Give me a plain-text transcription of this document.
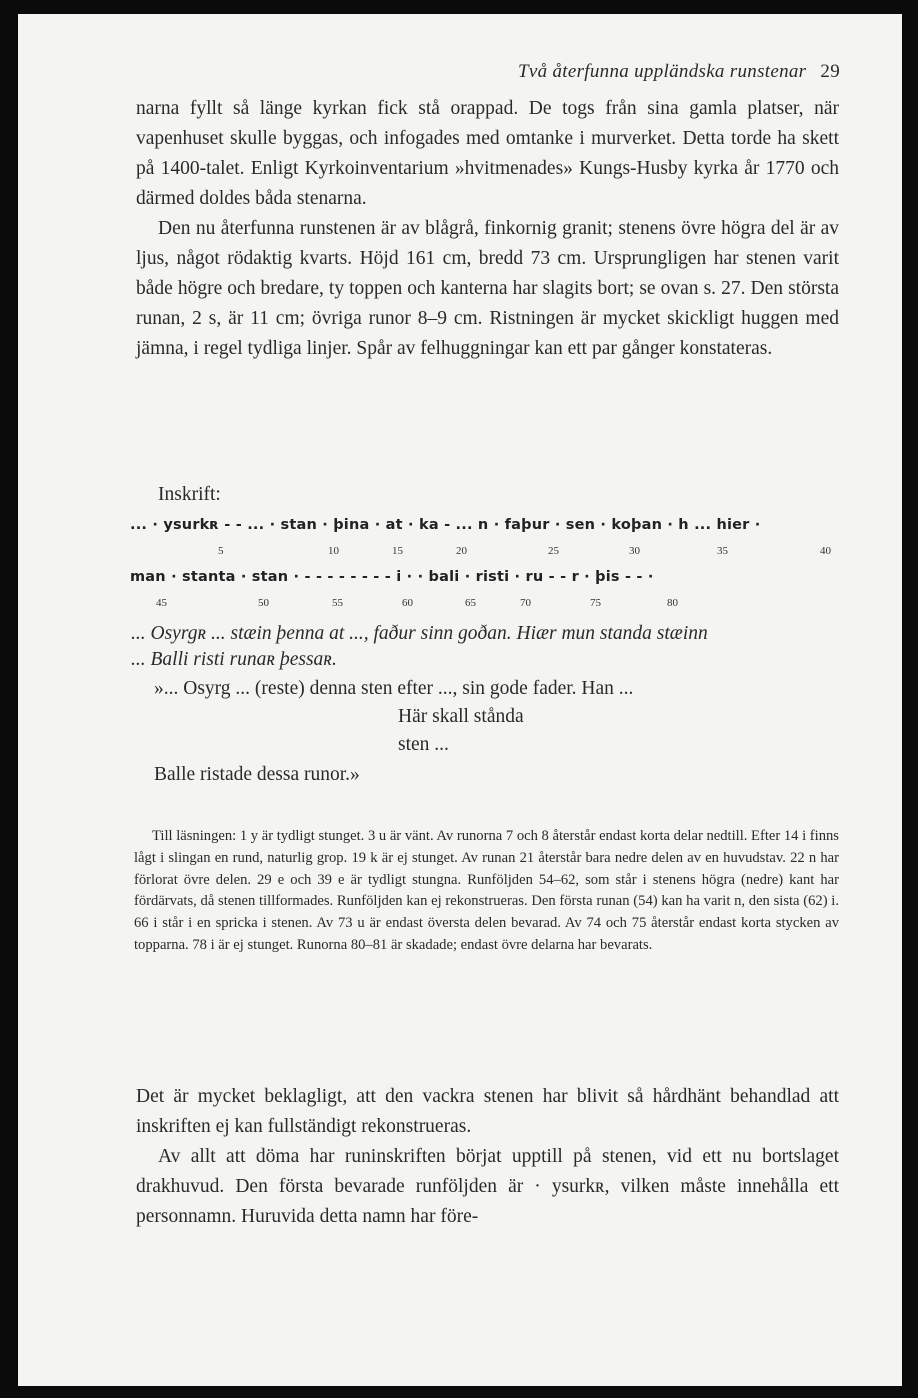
Två återfunna uppländska runstenar 29

narna fyllt så länge kyrkan fick stå orappad. De togs från sina gamla platser, när vapenhuset skulle byggas, och infogades med omtanke i murverket. Detta torde ha skett på 1400-talet. Enligt Kyrkoinventarium »hvitmenades» Kungs-Husby kyrka år 1770 och därmed doldes båda stenarna.

Den nu återfunna runstenen är av blågrå, finkornig granit; stenens övre högra del är av ljus, något rödaktig kvarts. Höjd 161 cm, bredd 73 cm. Ursprungligen har stenen varit både högre och bredare, ty toppen och kanterna har slagits bort; se ovan s. 27. Den största runan, 2 s, är 11 cm; övriga runor 8–9 cm. Ristningen är mycket skickligt huggen med jämna, i regel tydliga linjer. Spår av felhuggningar kan ett par gånger konstateras.

Inskrift:
... · ysurkʀ - - ... · stan · þina · at · ka - ... n · faþur · sen · koþan · h ... hier ·
5	10	15	20	25	30	35	40
man · stanta · stan · - - - - - - - - i · · bali · risti · ru - - r · þis - - ·
45	50	55	60	65	70	75	80
... Osyrgʀ ... stæin þenna at ..., faður sinn goðan. Hiær mun standa stæinn
... Balli risti runaʀ þessaʀ.
»... Osyrg ... (reste) denna sten efter ..., sin gode fader. Han ...
Här skall stånda
sten ...
Balle ristade dessa runor.»

Till läsningen: 1 y är tydligt stunget. 3 u är vänt. Av runorna 7 och 8 återstår endast korta delar nedtill. Efter 14 i finns lågt i slingan en rund, naturlig grop. 19 k är ej stunget. Av runan 21 återstår bara nedre delen av en huvudstav. 22 n har förlorat övre delen. 29 e och 39 e är tydligt stungna. Runföljden 54–62, som står i stenens högra (nedre) kant har fördärvats, då stenen tillformades. Runföljden kan ej rekonstrueras. Den första runan (54) kan ha varit n, den sista (62) i. 66 i står i en spricka i stenen. Av 73 u är endast översta delen bevarad. Av 74 och 75 återstår endast korta stycken av topparna. 78 i är ej stunget. Runorna 80–81 är skadade; endast övre delarna har bevarats.

Det är mycket beklagligt, att den vackra stenen har blivit så hårdhänt behandlad att inskriften ej kan fullständigt rekonstrueras.

Av allt att döma har runinskriften börjat upptill på stenen, vid ett nu bortslaget drakhuvud. Den första bevarade runföljden är · ysurkʀ, vilken måste innehålla ett personnamn. Huruvida detta namn har före-
